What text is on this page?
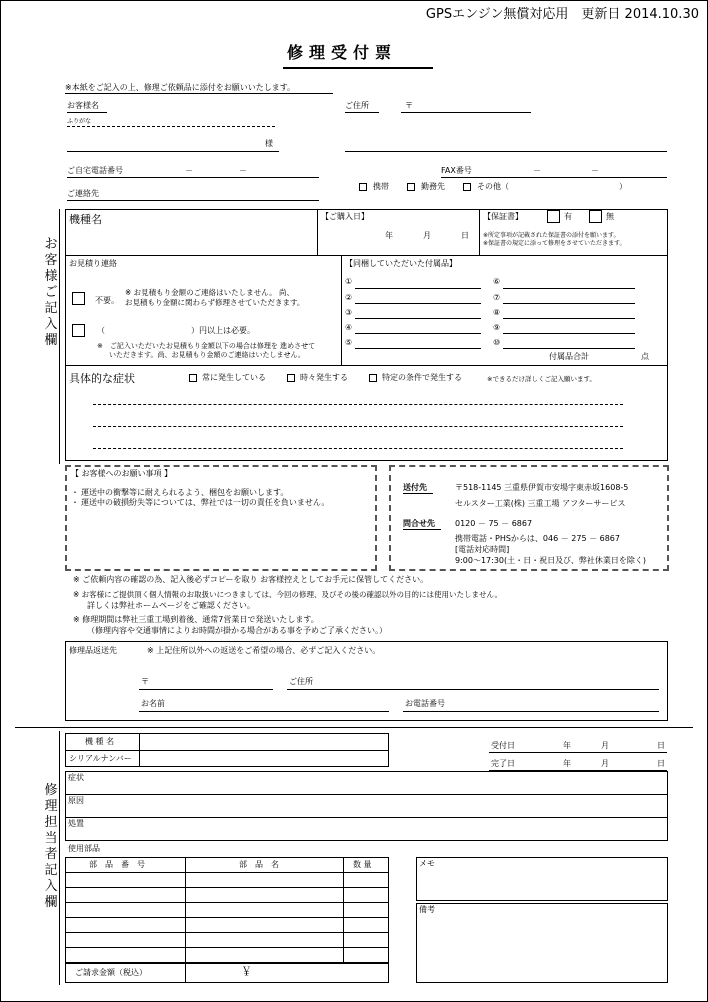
GPSエンジン無償対応用　更新日 2014.10.30
修理受付票
※本紙をご記入の上、修理ご依頼品に添付をお願いいたします。
お客様名
ふりがな
様
ご住所	〒
ご自宅電話番号	－	－	FAX番号	－	－
ご連絡先
携帯	勤務先	その他（	）
お客様ご記入欄
機種名	【ご購入日】
年	月	日
【保証書】	有	無
※所定事項が記載された保証書の添付を願います。
※保証書の規定に添って修理をさせていただきます。
お見積り連絡
不要。
※ お見積もり金額のご連絡はいたしません。 尚、
お見積もり金額に関わらず修理させていただきます。
（	）円以上は必要。
※　ご記入いただいたお見積もり金額以下の場合は修理を 進めさせて
いただきます。尚、お見積もり金額のご連絡はいたしません。
【同梱していただいた付属品】
①
②
③
④
⑤
⑥
⑦
⑧
⑨
⑩
付属品合計	点
具体的な症状	常に発生している	時々発生する	特定の条件で発生する	※できるだけ詳しくご記入願います。
【 お客様へのお願い事項 】
・ 運送中の衝撃等に耐えられるよう、梱包をお願いします。
・ 運送中の破損紛失等については、弊社では一切の責任を負いません。
送付先	〒518-1145 三重県伊賀市安場字東赤坂1608-5
セルスター工業(株) 三重工場 アフターサービス
問合せ先	0120 － 75 － 6867
携帯電話・PHSからは、046 － 275 － 6867
[電話対応時間]
9:00～17:30(土・日・祝日及び、弊社休業日を除く)
※ ご依頼内容の確認の為、記入後必ずコピーを取り お客様控えとしてお手元に保管してください。
※ お客様にご提供頂く個人情報のお取扱いにつきましては、今回の修理、及びその後の確認以外の目的には使用いたしません。
詳しくは弊社ホームページをご確認ください。
※ 修理期間は弊社三重工場到着後、通常7営業日で発送いたします。
（修理内容や交通事情によりお時間が掛かる場合がある事を予めご了承ください。）
修理品返送先	※ 上記住所以外への返送をご希望の場合、必ずご記入ください。
〒	ご住所
お名前	お電話番号
修理担当者記入欄
機 種 名
シリアルナンバー
受付日	年	月	日
完了日	年	月	日
症状
原因
処置
使用部品
部　品　番　号	部　品　名	数 量
ご請求金額（税込）	￥
メモ
備考
